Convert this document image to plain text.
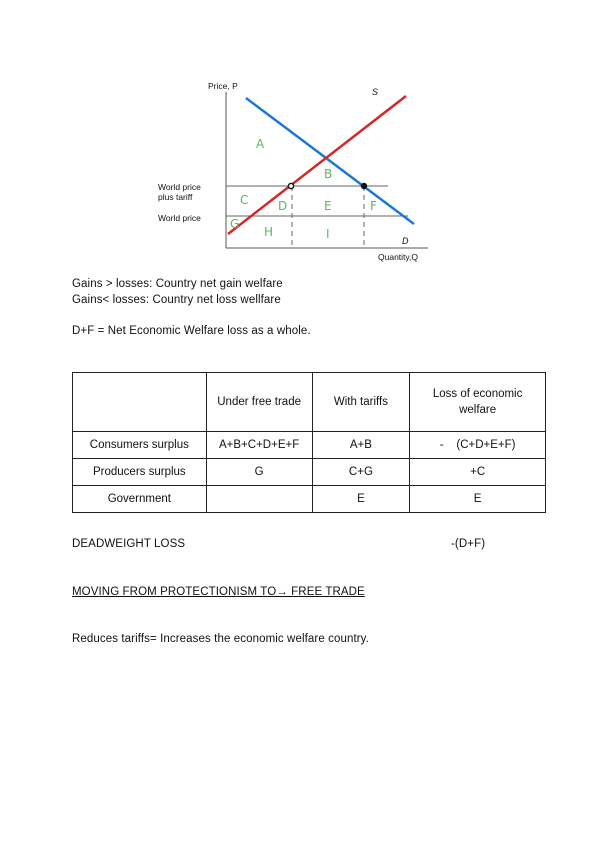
A
B
C D	E	F
G
H	I
S
D
Price, P
Quantity,Q
World price
plus tariff
World price
Gains > losses: Country net gain welfare
Gains< losses: Country net loss wellfare
D+F = Net Economic Welfare loss as a whole.
	Under free trade	With tariffs	Loss of economic welfare
Consumers surplus	A+B+C+D+E+F	A+B	-    (C+D+E+F)
Producers surplus	G	C+G	+C
Government		E	E
DEADWEIGHT LOSS	-(D+F)
MOVING FROM PROTECTIONISM TO→ FREE TRADE
Reduces tariffs= Increases the economic welfare country.
